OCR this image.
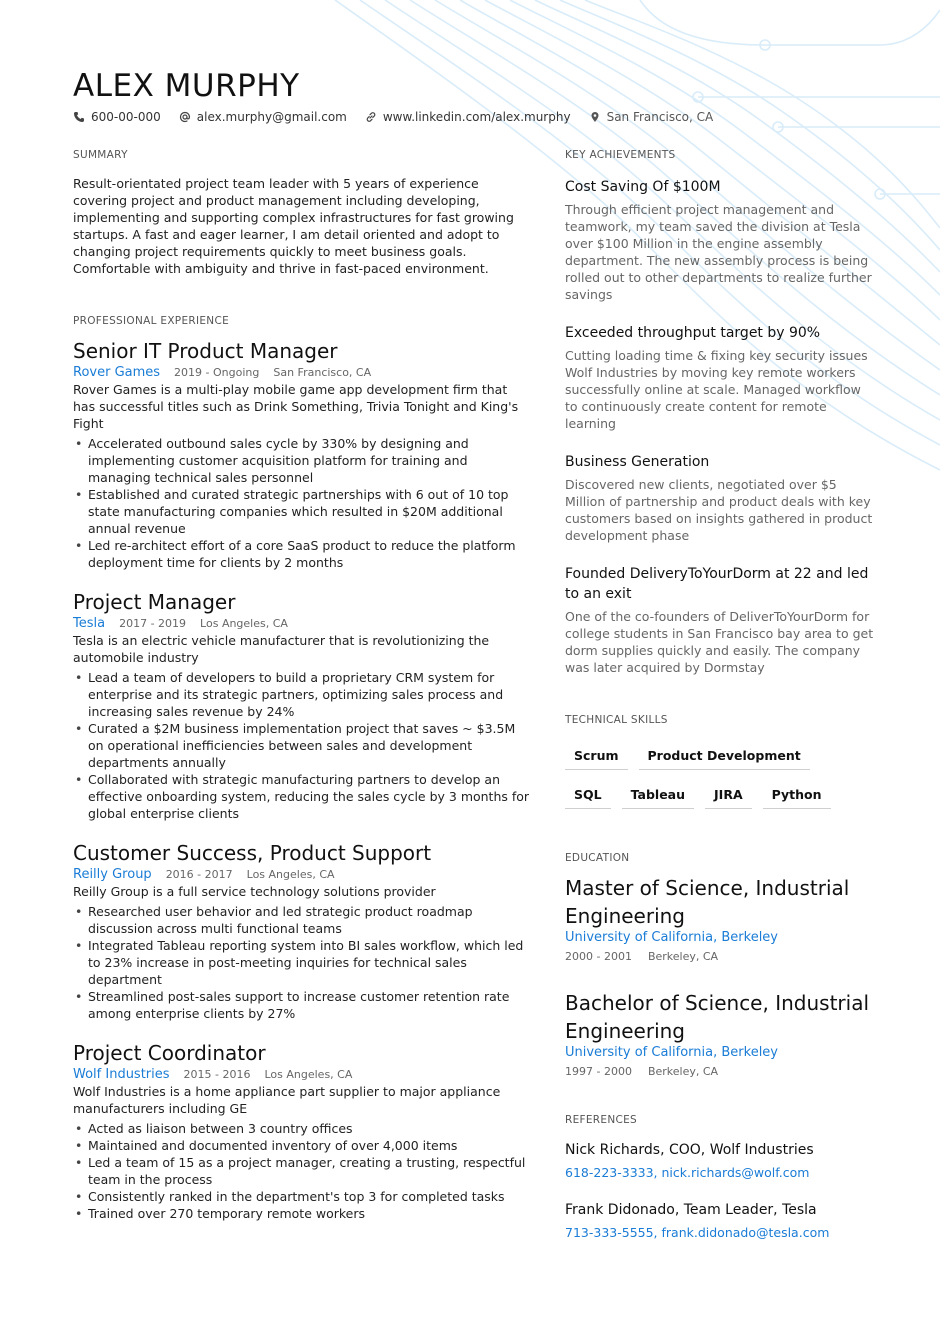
ALEX MURPHY
600-00-000	alex.murphy@gmail.com	www.linkedin.com/alex.murphy	San Francisco, CA
SUMMARY

Result-orientated project team leader with 5 years of experience covering project and product management including developing, implementing and supporting complex infrastructures for fast growing startups. A fast and eager learner, I am detail oriented and adopt to changing project requirements quickly to meet business goals. Comfortable with ambiguity and thrive in fast-paced environment.

PROFESSIONAL EXPERIENCE
Senior IT Product Manager
Rover Games 2019 - Ongoing San Francisco, CA
Rover Games is a multi-play mobile game app development firm that has successful titles such as Drink Something, Trivia Tonight and King's Fight
• Accelerated outbound sales cycle by 330% by designing and implementing customer acquisition platform for training and managing technical sales personnel
• Established and curated strategic partnerships with 6 out of 10 top state manufacturing companies which resulted in $20M additional annual revenue
• Led re-architect effort of a core SaaS product to reduce the platform deployment time for clients by 2 months
Project Manager
Tesla 2017 - 2019 Los Angeles, CA
Tesla is an electric vehicle manufacturer that is revolutionizing the automobile industry
• Lead a team of developers to build a proprietary CRM system for enterprise and its strategic partners, optimizing sales process and increasing sales revenue by 24%
• Curated a $2M business implementation project that saves ~ $3.5M on operational inefficiencies between sales and development departments annually
• Collaborated with strategic manufacturing partners to develop an effective onboarding system, reducing the sales cycle by 3 months for global enterprise clients
Customer Success, Product Support
Reilly Group 2016 - 2017 Los Angeles, CA
Reilly Group is a full service technology solutions provider
• Researched user behavior and led strategic product roadmap discussion across multi functional teams
• Integrated Tableau reporting system into BI sales workflow, which led to 23% increase in post-meeting inquiries for technical sales department
• Streamlined post-sales support to increase customer retention rate among enterprise clients by 27%
Project Coordinator
Wolf Industries 2015 - 2016 Los Angeles, CA
Wolf Industries is a home appliance part supplier to major appliance manufacturers including GE
• Acted as liaison between 3 country offices
• Maintained and documented inventory of over 4,000 items
• Led a team of 15 as a project manager, creating a trusting, respectful team in the process
• Consistently ranked in the department's top 3 for completed tasks
• Trained over 270 temporary remote workers
KEY ACHIEVEMENTS
Cost Saving Of $100M
Through efficient project management and teamwork, my team saved the division at Tesla over $100 Million in the engine assembly department. The new assembly process is being rolled out to other departments to realize further savings
Exceeded throughput target by 90%
Cutting loading time & fixing key security issues Wolf Industries by moving key remote workers successfully online at scale. Managed workflow to continuously create content for remote learning
Business Generation
Discovered new clients, negotiated over $5 Million of partnership and product deals with key customers based on insights gathered in product development phase
Founded DeliveryToYourDorm at 22 and led to an exit
One of the co-founders of DeliverToYourDorm for college students in San Francisco bay area to get dorm supplies quickly and easily. The company was later acquired by Dormstay
TECHNICAL SKILLS
Scrum	Product Development
SQL	Tableau	JIRA	Python
EDUCATION
Master of Science, Industrial Engineering
University of California, Berkeley
2000 - 2001 Berkeley, CA
Bachelor of Science, Industrial Engineering
University of California, Berkeley
1997 - 2000 Berkeley, CA
REFERENCES
Nick Richards, COO, Wolf Industries
618-223-3333, nick.richards@wolf.com
Frank Didonado, Team Leader, Tesla
713-333-5555, frank.didonado@tesla.com
